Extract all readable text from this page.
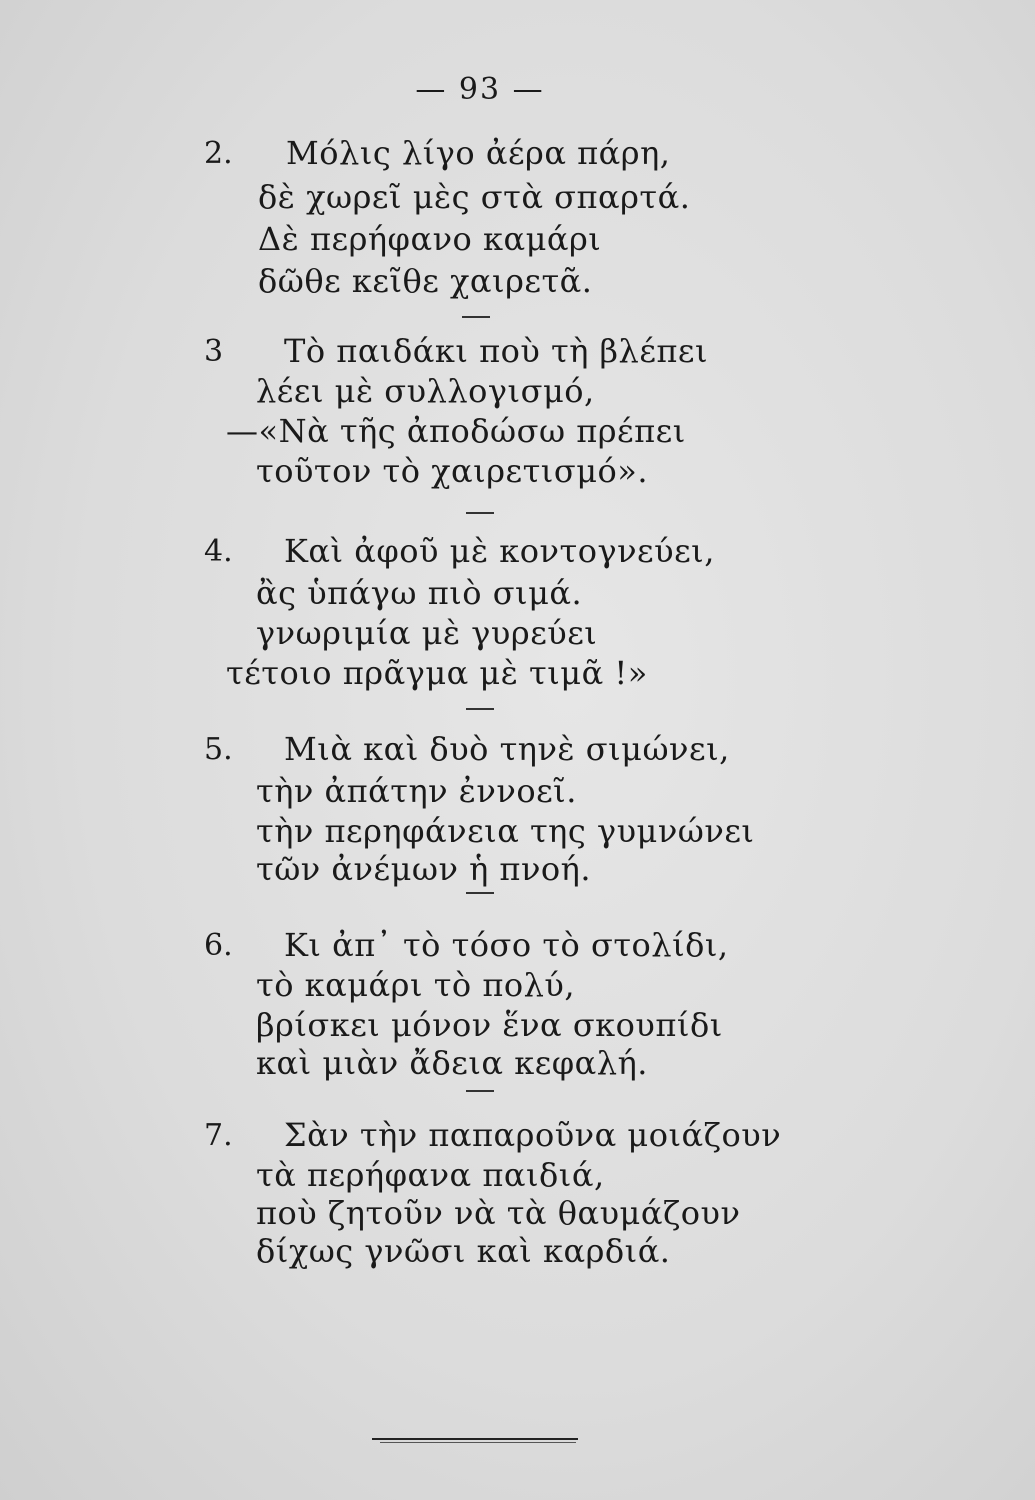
— 93 —
2. Μόλις λίγο ἀέρα πάρη,
δὲ χωρεῖ μὲς στὰ σπαρτά.
Δὲ περήφανο καμάρι
δῶθε κεῖθε χαιρετᾶ.
3 Τὸ παιδάκι ποὺ τὴ βλέπει
λέει μὲ συλλογισμό,
—«Νὰ τῆς ἀποδώσω πρέπει
τοῦτον τὸ χαιρετισμό».
4. Καὶ ἀφοῦ μὲ κοντογνεύει,
ἂς ὑπάγω πιὸ σιμά.
γνωριμία μὲ γυρεύει
τέτοιο πρᾶγμα μὲ τιμᾶ !»
5. Μιὰ καὶ δυὸ τηνὲ σιμώνει,
τὴν ἀπάτην ἐννοεῖ.
τὴν περηφάνεια της γυμνώνει
τῶν ἀνέμων ἡ πνοή.
6. Κι ἀπ᾿ τὸ τόσο τὸ στολίδι,
τὸ καμάρι τὸ πολύ,
βρίσκει μόνον ἕνα σκουπίδι
καὶ μιὰν ἄδεια κεφαλή.
7. Σὰν τὴν παπαροῦνα μοιάζουν
τὰ περήφανα παιδιά,
ποὺ ζητοῦν νὰ τὰ θαυμάζουν
δίχως γνῶσι καὶ καρδιά.
